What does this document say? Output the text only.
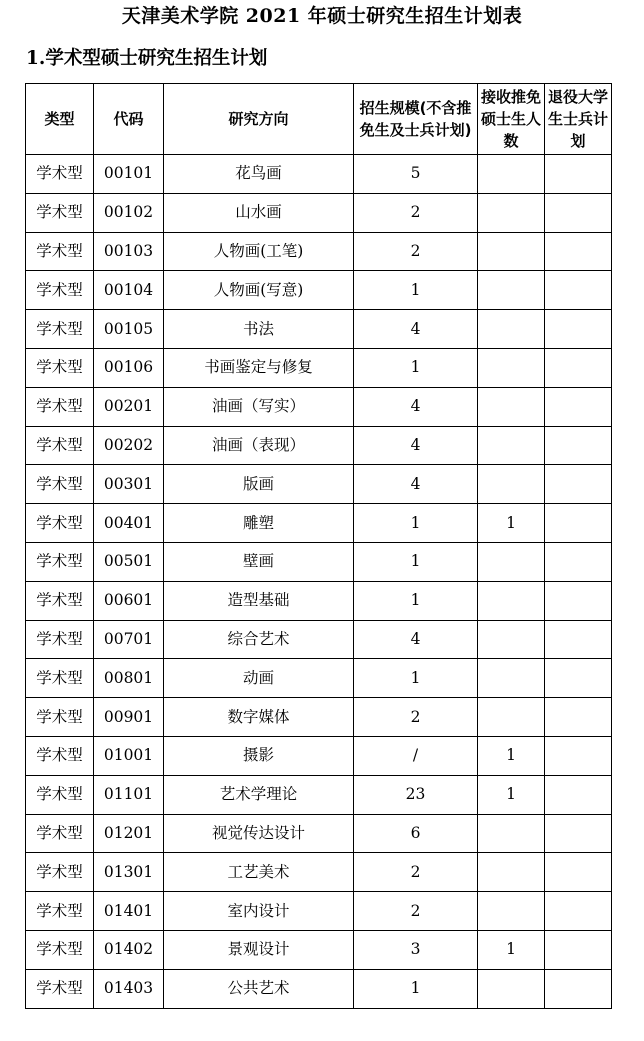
天津美术学院 2021 年硕士研究生招生计划表
1.学术型硕士研究生招生计划
类型	代码	研究方向	招生规模(不含推免生及士兵计划)	接收推免硕士生人数	退役大学生士兵计划
学术型	00101	花鸟画	5		
学术型	00102	山水画	2		
学术型	00103	人物画(工笔)	2		
学术型	00104	人物画(写意)	1		
学术型	00105	书法	4		
学术型	00106	书画鉴定与修复	1		
学术型	00201	油画（写实）	4		
学术型	00202	油画（表现）	4		
学术型	00301	版画	4		
学术型	00401	雕塑	1	1	
学术型	00501	壁画	1		
学术型	00601	造型基础	1		
学术型	00701	综合艺术	4		
学术型	00801	动画	1		
学术型	00901	数字媒体	2		
学术型	01001	摄影	/	1	
学术型	01101	艺术学理论	23	1	
学术型	01201	视觉传达设计	6		
学术型	01301	工艺美术	2		
学术型	01401	室内设计	2		
学术型	01402	景观设计	3	1	
学术型	01403	公共艺术	1		
